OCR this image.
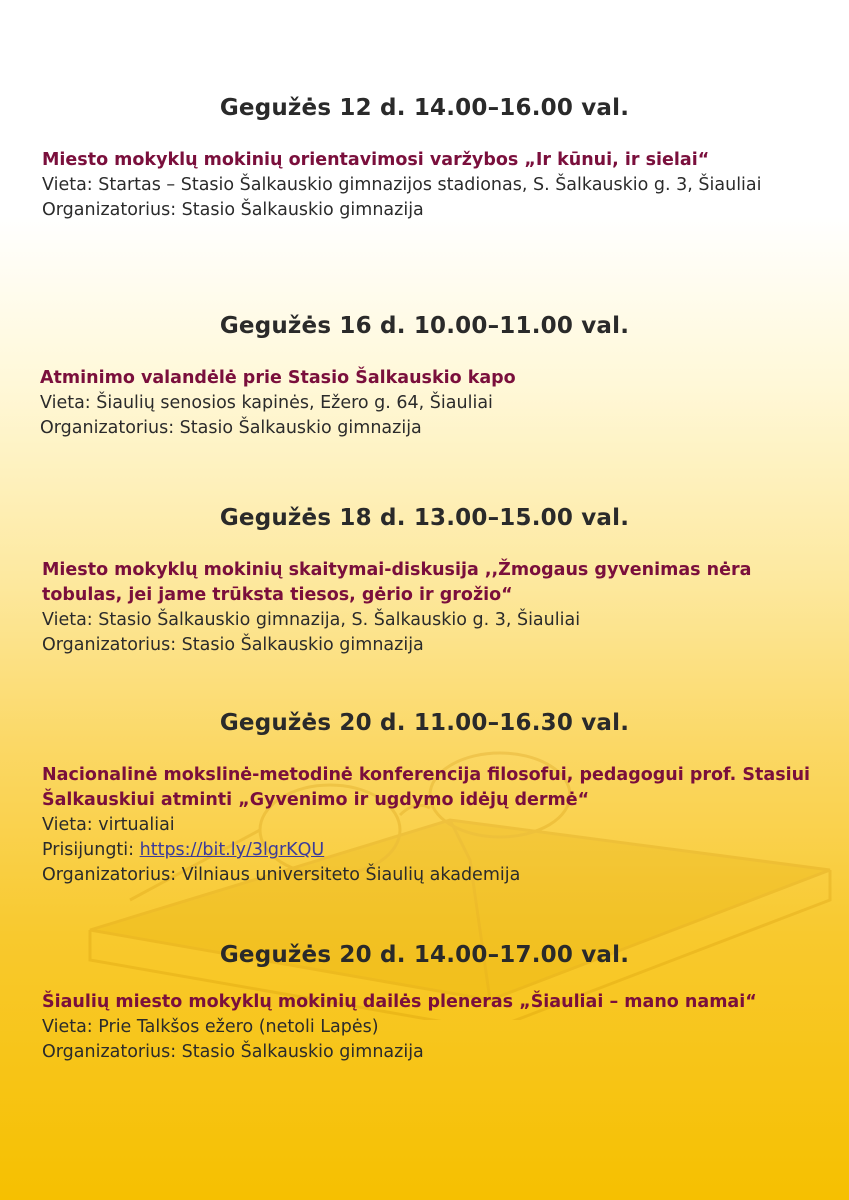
Gegužės 12 d. 14.00–16.00 val.

Miesto mokyklų mokinių orientavimosi varžybos „Ir kūnui, ir sielai“

Vieta: Startas – Stasio Šalkausk﻿io gimnazijos stadionas, S. Šalkauskio g. 3, Šiauliai

Organizatorius: Stasio Šalkauskio gimnazija

Gegužės 16 d. 10.00–11.00 val.

Atminimo valandėlė prie Stasio Šalkauskio kapo

Vieta: Šiaulių senosios kapinės, Ežero g. 64, Šiauliai

Organizatorius: Stasio Šalkauskio gimnazija

Gegužės 18 d. 13.00–15.00 val.

Miesto mokyklų mokinių skaitymai-diskusija ,,Žmogaus gyvenimas nėra tobulas, jei jame trūksta tiesos, gėrio ir grožio“

Vieta: Stasio Šalkauskio gimnazija, S. Šalkauskio g. 3, Šiauliai

Organizatorius: Stasio Šalkauskio gimnazija

Gegužės 20 d. 11.00–16.30 val.

Nacionalinė mokslinė-metodinė konferencija filosofui, pedagogui prof. Stasiui Šalkauskiui atminti „Gyvenimo ir ugdymo idėjų dermė“

Vieta: virtualiai

Prisijungti: https://bit.ly/3lgrKQU

Organizatorius: Vilniaus universiteto Šiaulių akademija

Gegužės 20 d. 14.00–17.00 val.

Šiaulių miesto mokyklų mokinių dailės pleneras „Šiauliai – mano namai“

Vieta: Prie Talkšos ežero (netoli Lapės)

Organizatorius: Stasio Šalkauskio gimnazija
